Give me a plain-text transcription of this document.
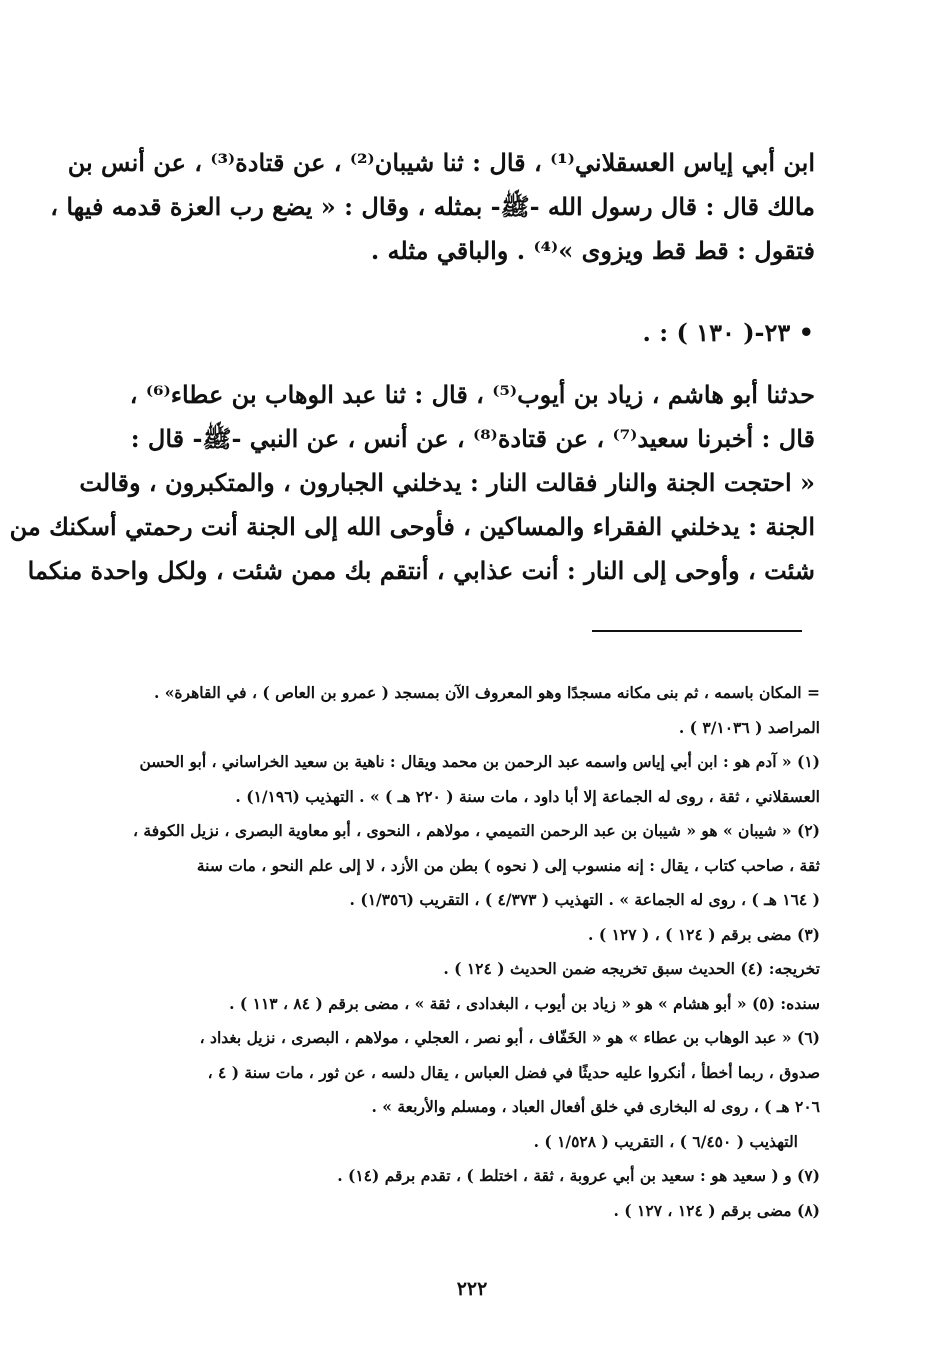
ابن أبي إياس العسقلاني⁽¹⁾ ، قال : ثنا شيبان⁽²⁾ ، عن قتادة⁽³⁾ ، عن أنس بن
مالك قال : قال رسول الله -ﷺ- بمثله ، وقال : « يضع رب العزة قدمه فيها ،
فتقول : قط قط ويزوى »⁽⁴⁾ . والباقي مثله .
• ٢٣-( ١٣٠ ) : .
حدثنا أبو هاشم ، زياد بن أيوب⁽⁵⁾ ، قال : ثنا عبد الوهاب بن عطاء⁽⁶⁾ ،
قال : أخبرنا سعيد⁽⁷⁾ ، عن قتادة⁽⁸⁾ ، عن أنس ، عن النبي -ﷺ- قال :
« احتجت الجنة والنار فقالت النار : يدخلني الجبارون ، والمتكبرون ، وقالت
الجنة : يدخلني الفقراء والمساكين ، فأوحى الله إلى الجنة أنت رحمتي أسكنك من
شئت ، وأوحى إلى النار : أنت عذابي ، أنتقم بك ممن شئت ، ولكل واحدة منكما
= المكان باسمه ، ثم بنى مكانه مسجدًا وهو المعروف الآن بمسجد ( عمرو بن العاص ) ، في القاهرة» .
المراصد ( ٣/١٠٣٦ ) .
(١) « آدم هو : ابن أبي إياس واسمه عبد الرحمن بن محمد ويقال : ناهية بن سعيد الخراساني ، أبو الحسن
العسقلاني ، ثقة ، روى له الجماعة إلا أبا داود ، مات سنة ( ٢٢٠ هـ ) » . التهذيب (١/١٩٦) .
(٢) « شيبان » هو « شيبان بن عبد الرحمن التميمي ، مولاهم ، النحوى ، أبو معاوية البصرى ، نزيل الكوفة ،
ثقة ، صاحب كتاب ، يقال : إنه منسوب إلى ( نحوه ) بطن من الأزد ، لا إلى علم النحو ، مات سنة
( ١٦٤ هـ ) ، روى له الجماعة » . التهذيب ( ٤/٣٧٣ ) ، التقريب (١/٣٥٦) .
(٣) مضى برقم ( ١٢٤ ) ، ( ١٢٧ ) .
تخريجه: (٤) الحديث سبق تخريجه ضمن الحديث ( ١٢٤ ) .
سنده: (٥) « أبو هشام » هو « زياد بن أيوب ، البغدادى ، ثقة » ، مضى برقم ( ٨٤ ، ١١٣ ) .
(٦) « عبد الوهاب بن عطاء » هو « الخَفّاف ، أبو نصر ، العجلي ، مولاهم ، البصرى ، نزيل بغداد ،
صدوق ، ربما أخطأ ، أنكروا عليه حديثًا في فضل العباس ، يقال دلسه ، عن ثور ، مات سنة ( ٤ ،
٢٠٦ هـ ) ، روى له البخارى في خلق أفعال العباد ، ومسلم والأربعة » .
التهذيب ( ٦/٤٥٠ ) ، التقريب ( ١/٥٢٨ ) .
(٧) و ( سعيد هو : سعيد بن أبي عروبة ، ثقة ، اختلط ) ، تقدم برقم (١٤) .
(٨) مضى برقم ( ١٢٤ ، ١٢٧ ) .
٢٢٢
